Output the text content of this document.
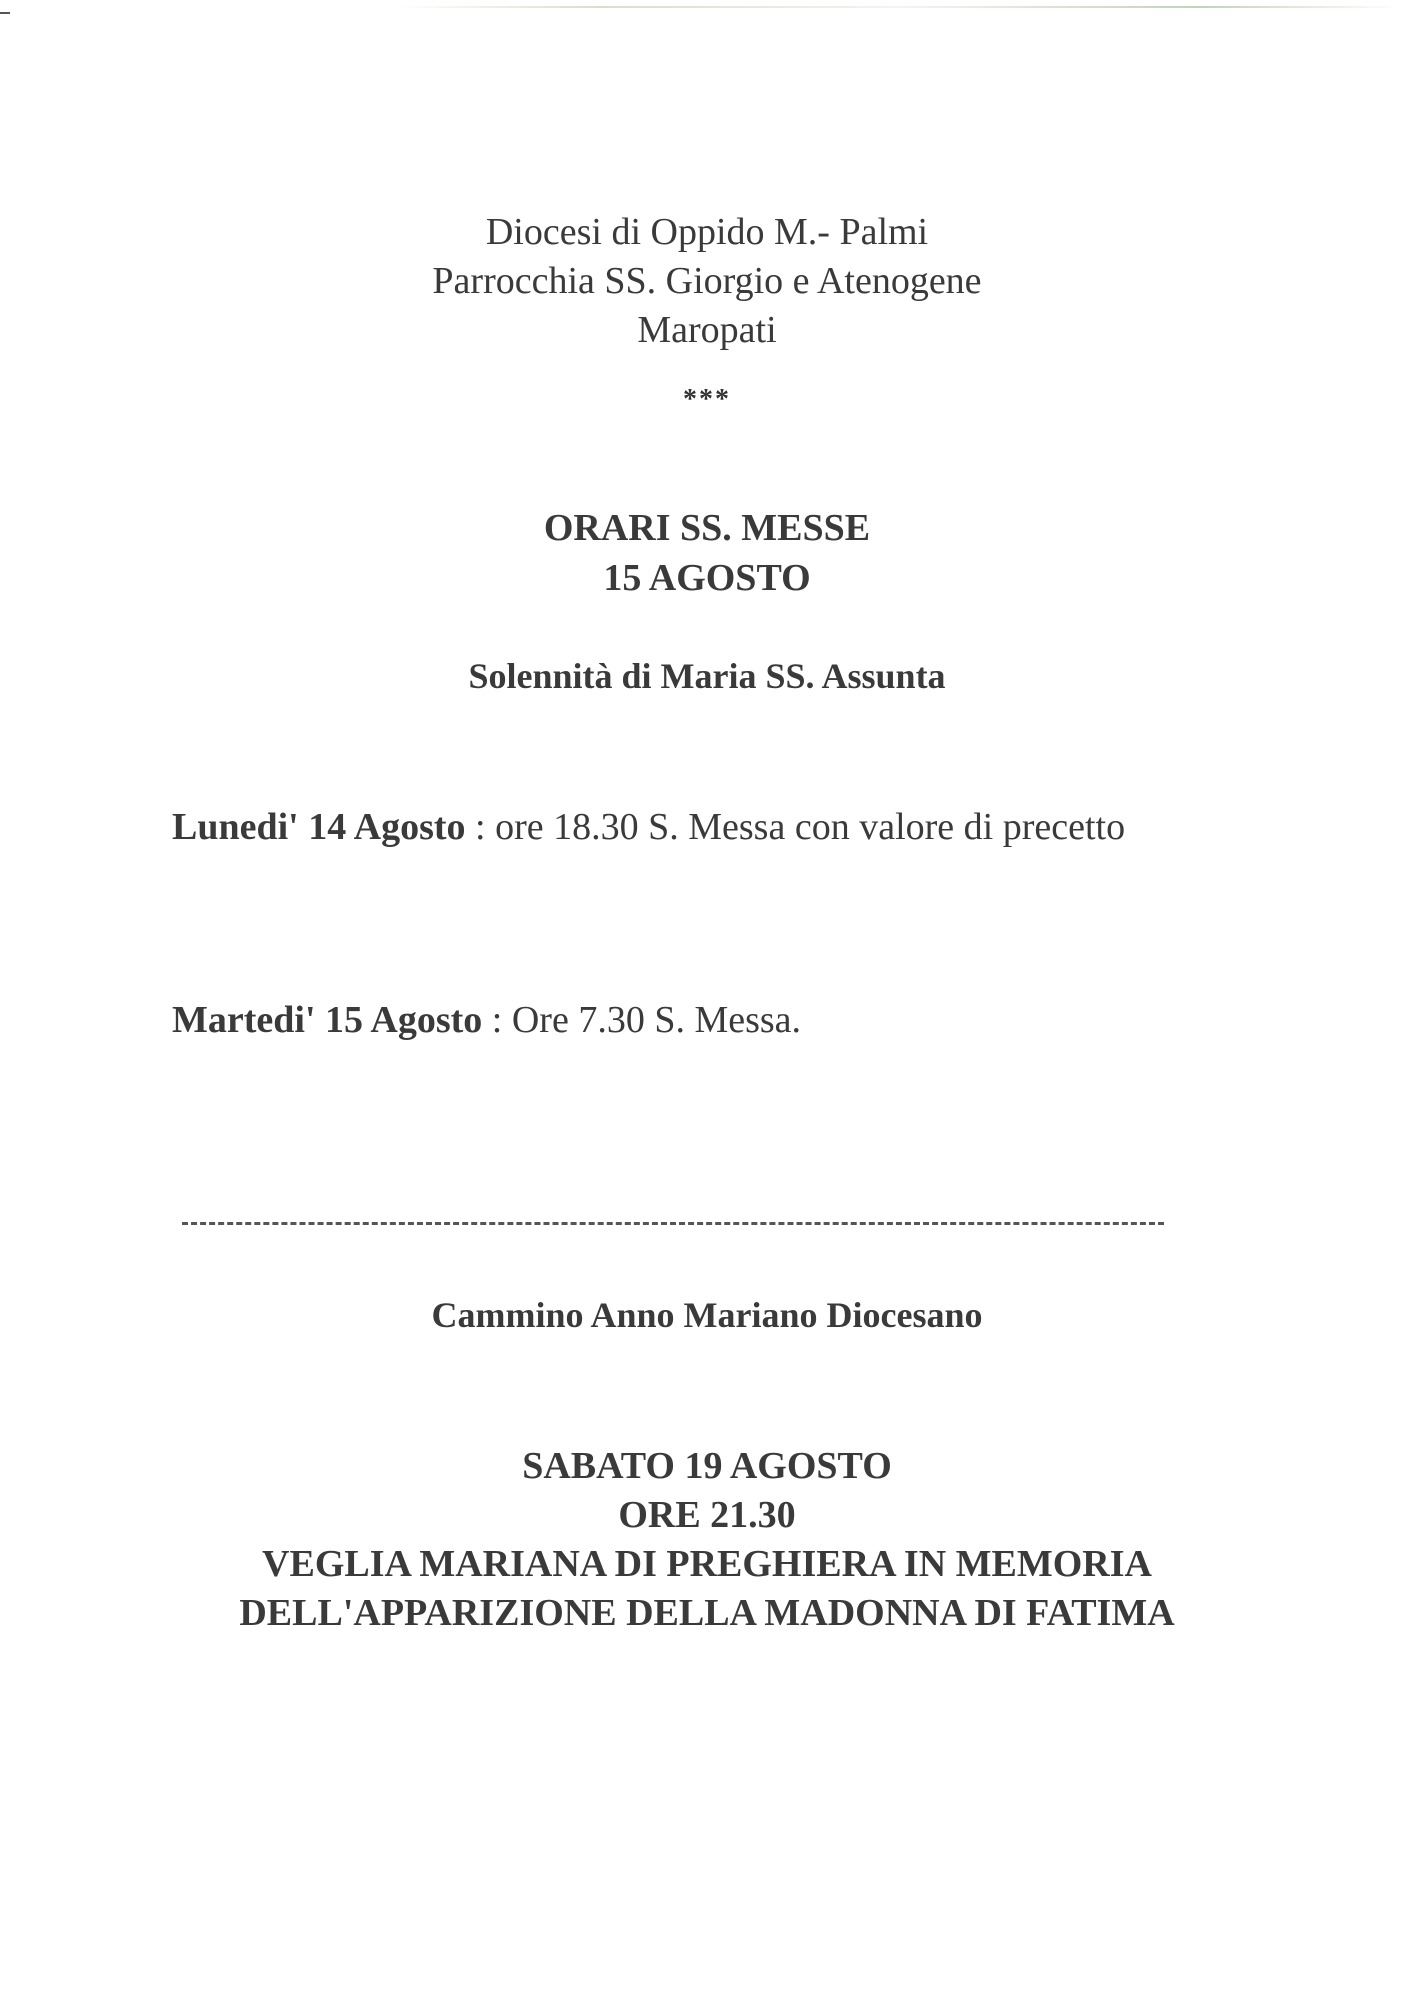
Diocesi di Oppido M.- Palmi
Parrocchia SS. Giorgio e Atenogene
Maropati
***
ORARI SS. MESSE
15 AGOSTO
Solennità di Maria SS. Assunta
Lunedi' 14 Agosto : ore 18.30 S. Messa con valore di precetto
Martedi' 15 Agosto : Ore 7.30 S. Messa.
Cammino Anno Mariano Diocesano
SABATO 19 AGOSTO
ORE 21.30
VEGLIA MARIANA DI PREGHIERA IN MEMORIA
DELL'APPARIZIONE DELLA MADONNA DI FATIMA
